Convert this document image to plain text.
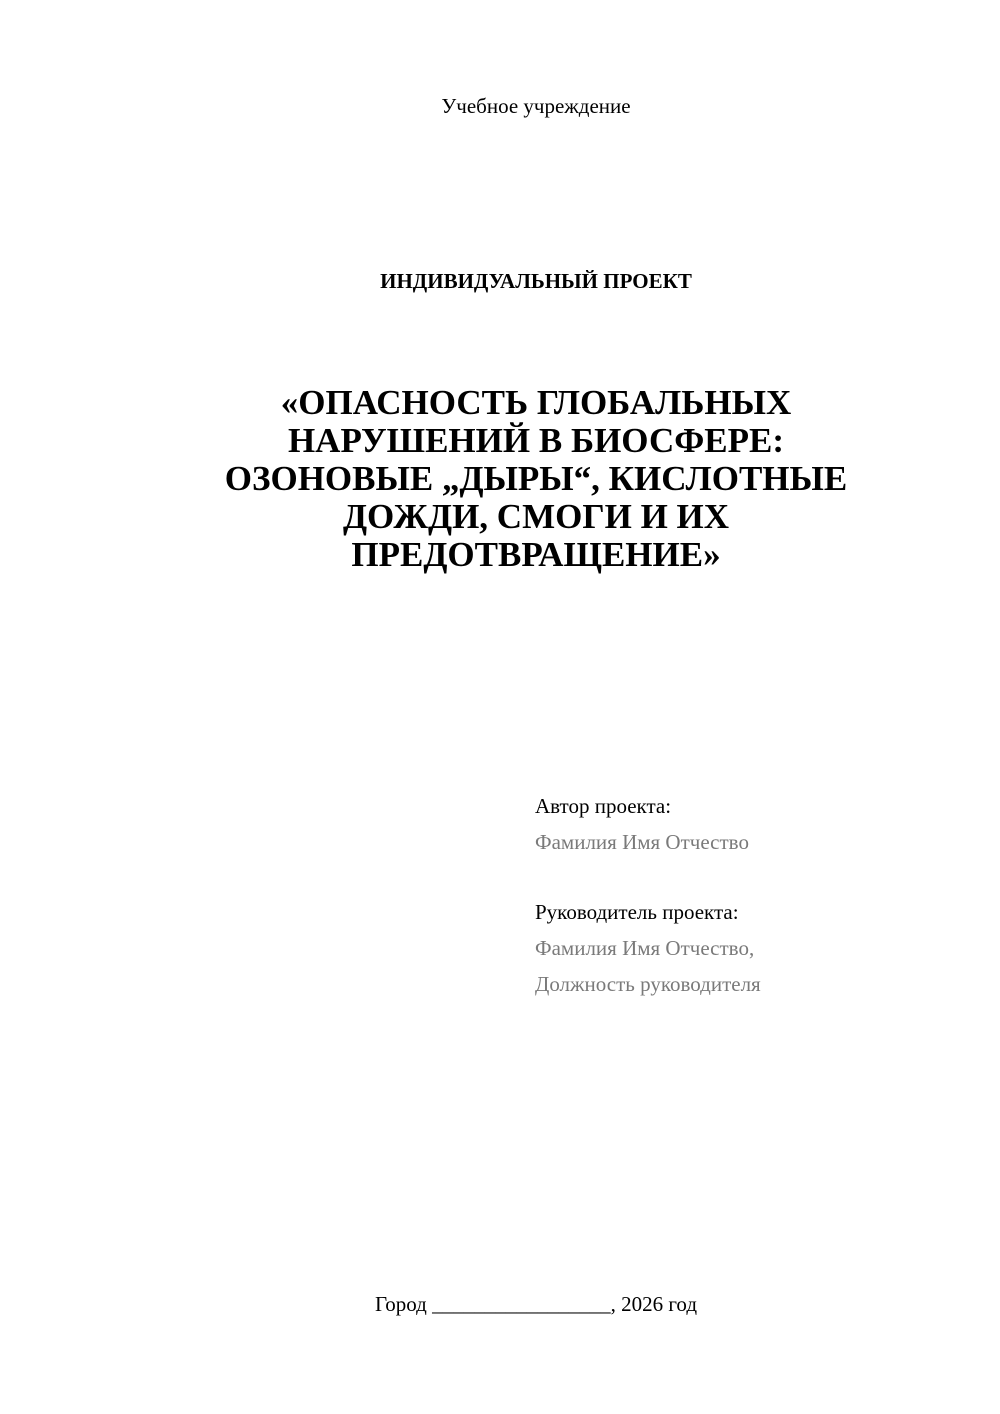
Учебное учреждение
ИНДИВИДУАЛЬНЫЙ ПРОЕКТ
«ОПАСНОСТЬ ГЛОБАЛЬНЫХ
НАРУШЕНИЙ В БИОСФЕРЕ:
ОЗОНОВЫЕ „ДЫРЫ“, КИСЛОТНЫЕ
ДОЖДИ, СМОГИ И ИХ
ПРЕДОТВРАЩЕНИЕ»
Автор проекта:
Фамилия Имя Отчество
Руководитель проекта:
Фамилия Имя Отчество,
Должность руководителя
Город _________________, 2026 год
